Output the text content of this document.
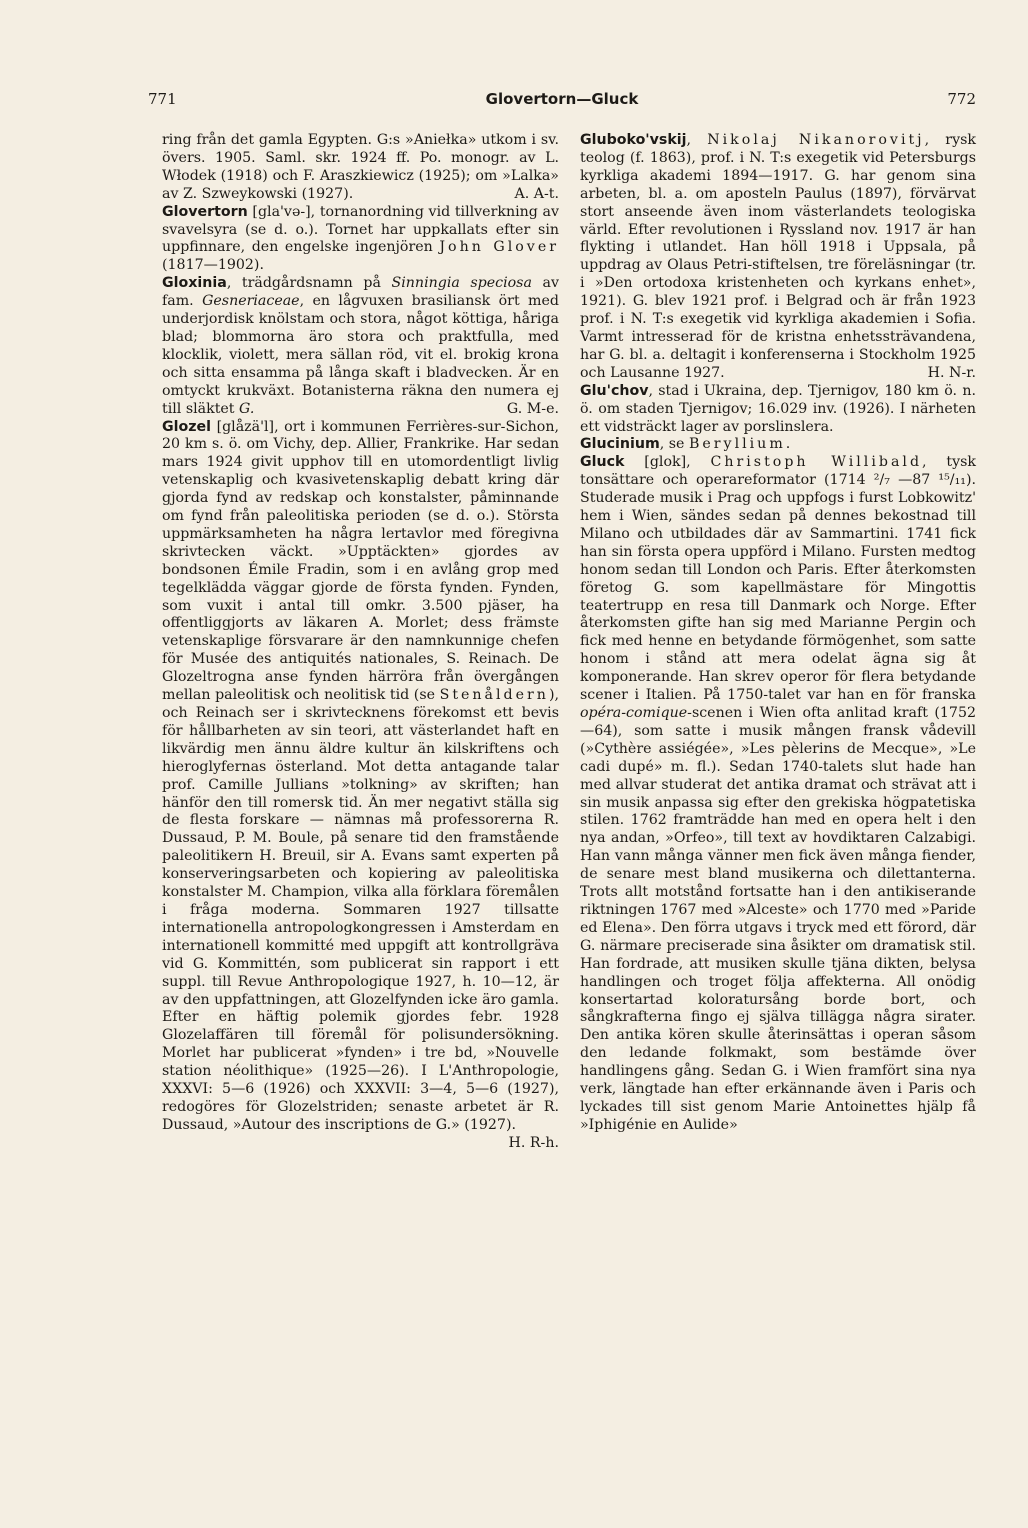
771	Glovertorn—Gluck	772

ring från det gamla Egypten. G:s »Aniełka» utkom i sv. övers. 1905. Saml. skr. 1924 ff. Po. monogr. av L. Włodek (1918) och F. Araszkiewicz (1925); om »Lalka» av Z. Szweykowski (1927).	A. A-t.

Glovertorn [gla'və-], tornanordning vid tillverkning av svavelsyra (se d. o.). Tornet har uppkallats efter sin uppfinnare, den engelske ingenjören John Glover (1817—1902).

Gloxinia, trädgårdsnamn på Sinningia speciosa av fam. Gesneriaceae, en lågvuxen brasiliansk ört med underjordisk knölstam och stora, något köttiga, håriga blad; blommorna äro stora och praktfulla, med klocklik, violett, mera sällan röd, vit el. brokig krona och sitta ensamma på långa skaft i bladvecken. Är en omtyckt krukväxt. Botanisterna räkna den numera ej till släktet G.	G. M-e.

Glozel [glåzä'l], ort i kommunen Ferrières-sur-Sichon, 20 km s. ö. om Vichy, dep. Allier, Frankrike. Har sedan mars 1924 givit upphov till en utomordentligt livlig vetenskaplig och kvasivetenskaplig debatt kring där gjorda fynd av redskap och konstalster, påminnande om fynd från paleolitiska perioden (se d. o.). Största uppmärksamheten ha några lertavlor med föregivna skrivtecken väckt. »Upptäckten» gjordes av bondsonen Émile Fradin, som i en avlång grop med tegelklädda väggar gjorde de första fynden. Fynden, som vuxit i antal till omkr. 3.500 pjäser, ha offentliggjorts av läkaren A. Morlet; dess främste vetenskaplige försvarare är den namnkunnige chefen för Musée des antiquités nationales, S. Reinach. De Glozeltrogna anse fynden härröra från övergången mellan paleolitisk och neolitisk tid (se Stenåldern), och Reinach ser i skrivtecknens förekomst ett bevis för hållbarheten av sin teori, att västerlandet haft en likvärdig men ännu äldre kultur än kilskriftens och hieroglyfernas österland. Mot detta antagande talar prof. Camille Jullians »tolkning» av skriften; han hänför den till romersk tid. Än mer negativt ställa sig de flesta forskare — nämnas må professorerna R. Dussaud, P. M. Boule, på senare tid den framstående paleolitikern H. Breuil, sir A. Evans samt experten på konserveringsarbeten och kopiering av paleolitiska konstalster M. Champion, vilka alla förklara föremålen i fråga moderna. Sommaren 1927 tillsatte internationella antropologkongressen i Amsterdam en internationell kommitté med uppgift att kontrollgräva vid G. Kommittén, som publicerat sin rapport i ett suppl. till Revue Anthropologique 1927, h. 10—12, är av den uppfattningen, att Glozelfynden icke äro gamla. Efter en häftig polemik gjordes febr. 1928 Glozelaffären till föremål för polisundersökning. Morlet har publicerat »fynden» i tre bd, »Nouvelle station néolithique» (1925—26). I L'Anthropologie, XXXVI: 5—6 (1926) och XXXVII: 3—4, 5—6 (1927), redogöres för Glozelstriden; senaste arbetet är R. Dussaud, »Autour des inscriptions de G.» (1927).
H. R-h.

Gluboko'vskij, Nikolaj Nikanorovitj, rysk teolog (f. 1863), prof. i N. T:s exegetik vid Petersburgs kyrkliga akademi 1894—1917. G. har genom sina arbeten, bl. a. om aposteln Paulus (1897), förvärvat stort anseende även inom västerlandets teologiska värld. Efter revolutionen i Ryssland nov. 1917 är han flykting i utlandet. Han höll 1918 i Uppsala, på uppdrag av Olaus Petri-stiftelsen, tre föreläsningar (tr. i »Den ortodoxa kristenheten och kyrkans enhet», 1921). G. blev 1921 prof. i Belgrad och är från 1923 prof. i N. T:s exegetik vid kyrkliga akademien i Sofia. Varmt intresserad för de kristna enhetssträvandena, har G. bl. a. deltagit i konferenserna i Stockholm 1925 och Lausanne 1927.	H. N-r.

Glu'chov, stad i Ukraina, dep. Tjernigov, 180 km ö. n. ö. om staden Tjernigov; 16.029 inv. (1926). I närheten ett vidsträckt lager av porslinslera.

Glucinium, se Beryllium.

Gluck [glok], Christoph Willibald, tysk tonsättare och operareformator (1714 ²/₇ —87 ¹⁵/₁₁). Studerade musik i Prag och uppfogs i furst Lobkowitz' hem i Wien, sändes sedan på dennes bekostnad till Milano och utbildades där av Sammartini. 1741 fick han sin första opera uppförd i Milano. Fursten medtog honom sedan till London och Paris. Efter återkomsten företog G. som kapellmästare för Mingottis teatertrupp en resa till Danmark och Norge. Efter återkomsten gifte han sig med Marianne Pergin och fick med henne en betydande förmögenhet, som satte honom i stånd att mera odelat ägna sig åt komponerande. Han skrev operor för flera betydande scener i Italien. På 1750-talet var han en för franska opéra-comique-scenen i Wien ofta anlitad kraft (1752—64), som satte i musik mången fransk vådevill (»Cythère assiégée», »Les pèlerins de Mecque», »Le cadi dupé» m. fl.). Sedan 1740-talets slut hade han med allvar studerat det antika dramat och strävat att i sin musik anpassa sig efter den grekiska högpatetiska stilen. 1762 framträdde han med en opera helt i den nya andan, »Orfeo», till text av hovdiktaren Calzabigi. Han vann många vänner men fick även många fiender, de senare mest bland musikerna och dilettanterna. Trots allt motstånd fortsatte han i den antikiserande riktningen 1767 med »Alceste» och 1770 med »Paride ed Elena». Den förra utgavs i tryck med ett förord, där G. närmare preciserade sina åsikter om dramatisk stil. Han fordrade, att musiken skulle tjäna dikten, belysa handlingen och troget följa affekterna. All onödig konsertartad koloratursång borde bort, och sångkrafterna fingo ej själva tillägga några sirater. Den antika kören skulle återinsättas i operan såsom den ledande folkmakt, som bestämde över handlingens gång. Sedan G. i Wien framfört sina nya verk, längtade han efter erkännande även i Paris och lyckades till sist genom Marie Antoinettes hjälp få »Iphigénie en Aulide»
